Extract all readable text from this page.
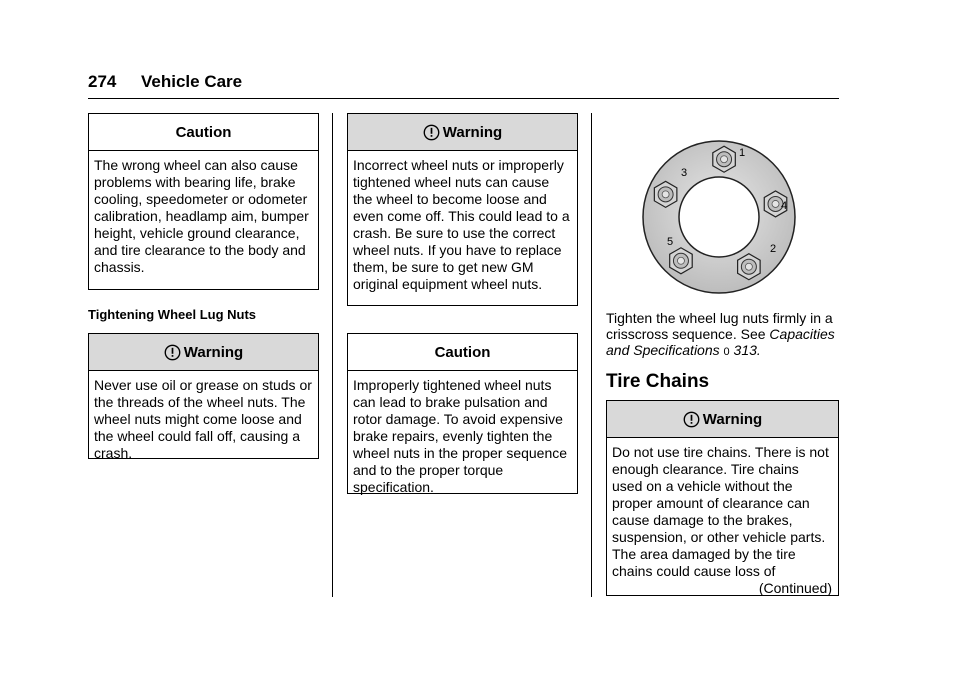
274 Vehicle Care
Caution
The wrong wheel can also cause problems with bearing life, brake cooling, speedometer or odometer calibration, headlamp aim, bumper height, vehicle ground clearance, and tire clearance to the body and chassis.
Tightening Wheel Lug Nuts
Warning
Never use oil or grease on studs or the threads of the wheel nuts. The wheel nuts might come loose and the wheel could fall off, causing a crash.
Warning
Incorrect wheel nuts or improperly tightened wheel nuts can cause the wheel to become loose and even come off. This could lead to a crash. Be sure to use the correct wheel nuts. If you have to replace them, be sure to get new GM original equipment wheel nuts.
Caution
Improperly tightened wheel nuts can lead to brake pulsation and rotor damage. To avoid expensive brake repairs, evenly tighten the wheel nuts in the proper sequence and to the proper torque specification.
1
2
3
4
5
Tighten the wheel lug nuts firmly in a crisscross sequence. See Capacities and Specifications 0 313.
Tire Chains
Warning
Do not use tire chains. There is not enough clearance. Tire chains used on a vehicle without the proper amount of clearance can cause damage to the brakes, suspension, or other vehicle parts. The area damaged by the tire chains could cause loss of
(Continued)
